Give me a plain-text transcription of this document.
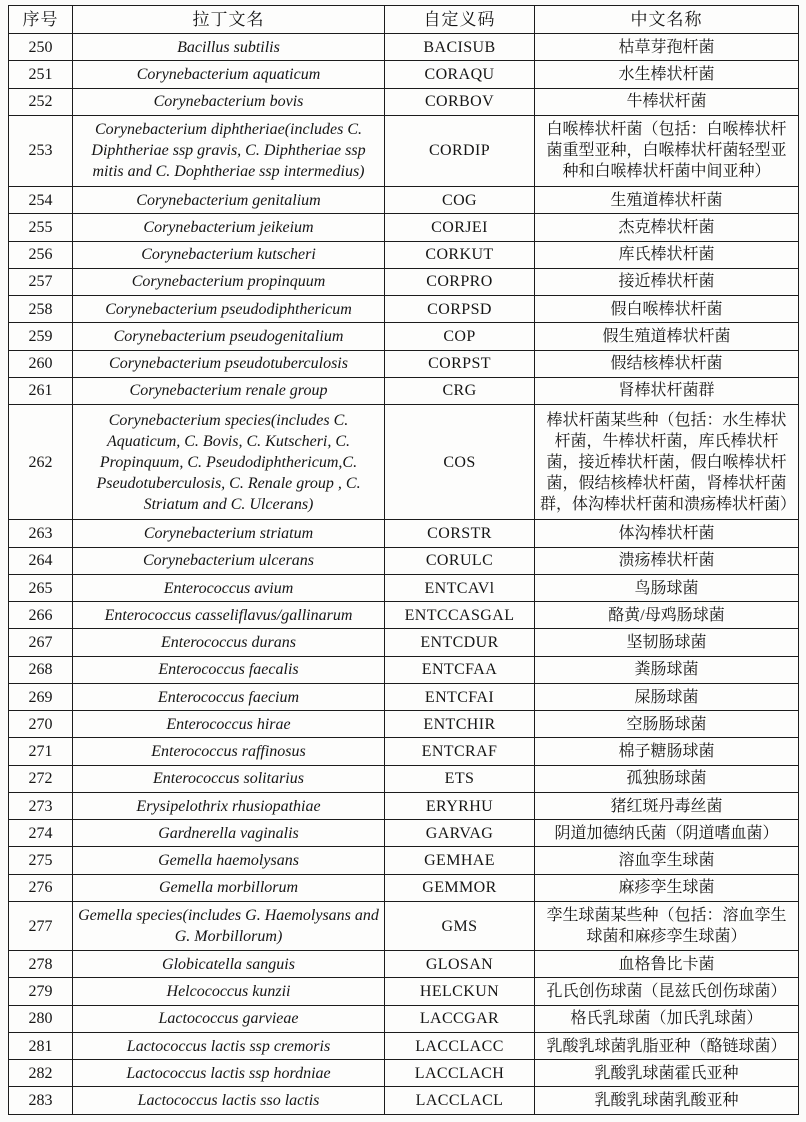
序号	拉丁文名	自定义码	中文名称
250	Bacillus subtilis	BACISUB	枯草芽孢杆菌
251	Corynebacterium aquaticum	CORAQU	水生棒状杆菌
252	Corynebacterium bovis	CORBOV	牛棒状杆菌
253	Corynebacterium diphtheriae(includes C. Diphtheriae ssp gravis, C. Diphtheriae ssp mitis and C. Dophtheriae ssp intermedius)	CORDIP	白喉棒状杆菌（包括：白喉棒状杆菌重型亚种，白喉棒状杆菌轻型亚种和白喉棒状杆菌中间亚种）
254	Corynebacterium genitalium	COG	生殖道棒状杆菌
255	Corynebacterium jeikeium	CORJEI	杰克棒状杆菌
256	Corynebacterium kutscheri	CORKUT	库氏棒状杆菌
257	Corynebacterium propinquum	CORPRO	接近棒状杆菌
258	Corynebacterium pseudodiphthericum	CORPSD	假白喉棒状杆菌
259	Corynebacterium pseudogenitalium	COP	假生殖道棒状杆菌
260	Corynebacterium pseudotuberculosis	CORPST	假结核棒状杆菌
261	Corynebacterium renale group	CRG	肾棒状杆菌群
262	Corynebacterium species(includes C. Aquaticum, C. Bovis, C. Kutscheri, C. Propinquum, C. Pseudodiphthericum,C. Pseudotuberculosis, C. Renale group , C. Striatum and C. Ulcerans)	COS	棒状杆菌某些种（包括：水生棒状杆菌，牛棒状杆菌，库氏棒状杆菌，接近棒状杆菌，假白喉棒状杆菌，假结核棒状杆菌，肾棒状杆菌群，体沟棒状杆菌和溃疡棒状杆菌）
263	Corynebacterium striatum	CORSTR	体沟棒状杆菌
264	Corynebacterium ulcerans	CORULC	溃疡棒状杆菌
265	Enterococcus avium	ENTCAVl	鸟肠球菌
266	Enterococcus casseliflavus/gallinarum	ENTCCASGAL	酪黄/母鸡肠球菌
267	Enterococcus durans	ENTCDUR	坚韧肠球菌
268	Enterococcus faecalis	ENTCFAA	粪肠球菌
269	Enterococcus faecium	ENTCFAI	屎肠球菌
270	Enterococcus hirae	ENTCHIR	空肠肠球菌
271	Enterococcus raffinosus	ENTCRAF	棉子糖肠球菌
272	Enterococcus solitarius	ETS	孤独肠球菌
273	Erysipelothrix rhusiopathiae	ERYRHU	猪红斑丹毒丝菌
274	Gardnerella vaginalis	GARVAG	阴道加德纳氏菌（阴道嗜血菌）
275	Gemella haemolysans	GEMHAE	溶血孪生球菌
276	Gemella morbillorum	GEMMOR	麻疹孪生球菌
277	Gemella species(includes G. Haemolysans and G. Morbillorum)	GMS	孪生球菌某些种（包括：溶血孪生球菌和麻疹孪生球菌）
278	Globicatella sanguis	GLOSAN	血格鲁比卡菌
279	Helcococcus kunzii	HELCKUN	孔氏创伤球菌（昆兹氏创伤球菌）
280	Lactococcus garvieae	LACCGAR	格氏乳球菌（加氏乳球菌）
281	Lactococcus lactis ssp cremoris	LACCLACC	乳酸乳球菌乳脂亚种（酪链球菌）
282	Lactococcus lactis ssp hordniae	LACCLACH	乳酸乳球菌霍氏亚种
283	Lactococcus lactis sso lactis	LACCLACL	乳酸乳球菌乳酸亚种
